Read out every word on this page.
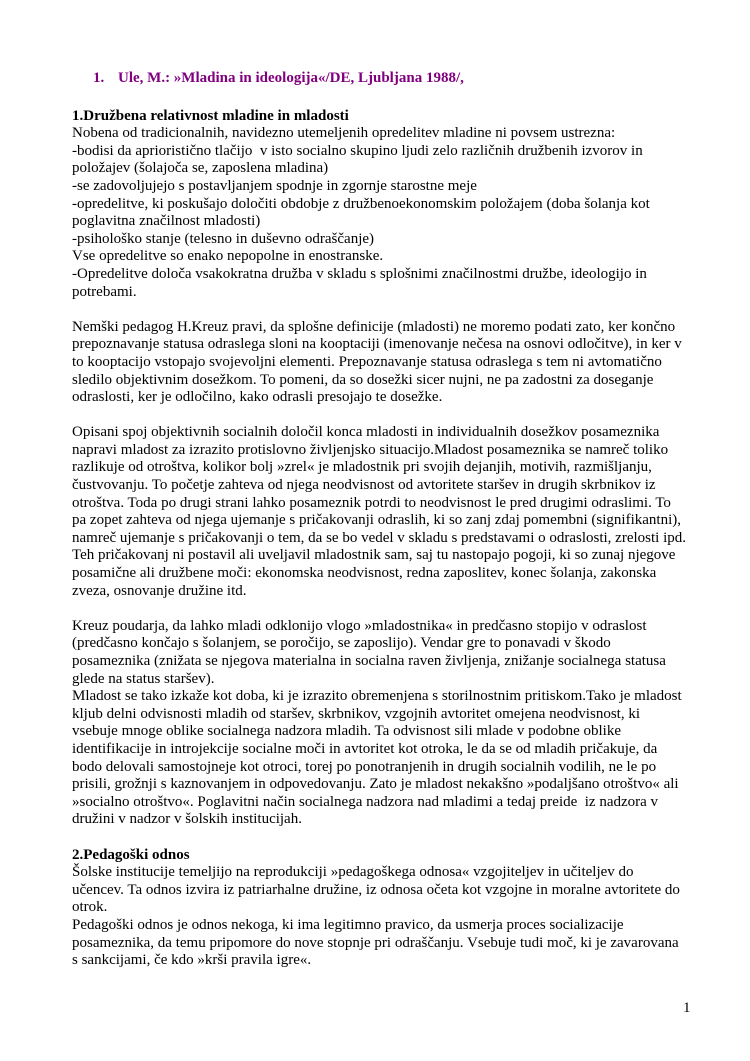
1. Ule, M.: »Mladina in ideologija«/DE, Ljubljana 1988/,
1.Družbena relativnost mladine in mladosti
Nobena od tradicionalnih, navidezno utemeljenih opredelitev mladine ni povsem ustrezna:
-bodisi da apriorističnо tlačijo  v isto socialno skupino ljudi zelo različnih družbenih izvorov in
položajev (šolajoča se, zaposlena mladina)
-se zadovoljujejo s postavljanjem spodnje in zgornje starostne meje
-opredelitve, ki poskušajo določiti obdobje z družbenoekonomskim položajem (doba šolanja kot
poglavitna značilnost mladosti)
-psihološko stanje (telesno in duševno odraščanje)
Vse opredelitve so enako nepopolne in enostranske.
-Opredelitve določa vsakokratna družba v skladu s splošnimi značilnostmi družbe, ideologijo in
potrebami.
Nemški pedagog H.Kreuz pravi, da splošne definicije (mladosti) ne moremo podati zato, ker končno
prepoznavanje statusa odraslega sloni na kooptaciji (imenovanje nečesa na osnovi odločitve), in ker v
to kooptacijo vstopajo svojevoljni elementi. Prepoznavanje statusa odraslega s tem ni avtomatično
sledilo objektivnim dosežkom. To pomeni, da so dosežki sicer nujni, ne pa zadostni za doseganje
odraslosti, ker je odločilno, kako odrasli presojajo te dosežke.
Opisani spoj objektivnih socialnih določil konca mladosti in individualnih dosežkov posameznika
napravi mladost za izrazito protislovno življenjsko situacijo.Mladost posameznika se namreč toliko
razlikuje od otroštva, kolikor bolj »zrel« je mladostnik pri svojih dejanjih, motivih, razmišljanju,
čustvovanju. To početje zahteva od njega neodvisnost od avtoritete staršev in drugih skrbnikov iz
otroštva. Toda po drugi strani lahko posameznik potrdi to neodvisnost le pred drugimi odraslimi. To
pa zopet zahteva od njega ujemanje s pričakovanji odraslih, ki so zanj zdaj pomembni (signifikantni),
namreč ujemanje s pričakovanji o tem, da se bo vedel v skladu s predstavami o odraslosti, zrelosti ipd.
Teh pričakovanj ni postavil ali uveljavil mladostnik sam, saj tu nastopajo pogoji, ki so zunaj njegove
posamične ali družbene moči: ekonomska neodvisnost, redna zaposlitev, konec šolanja, zakonska
zveza, osnovanje družine itd.
Kreuz poudarja, da lahko mladi odklonijo vlogo »mladostnika« in predčasno stopijo v odraslost
(predčasno končajo s šolanjem, se poročijo, se zaposlijo). Vendar gre to ponavadi v škodo
posameznika (znižata se njegova materialna in socialna raven življenja, znižanje socialnega statusa
glede na status staršev).
Mladost se tako izkaže kot doba, ki je izrazito obremenjena s storilnostnim pritiskom.Tako je mladost
kljub delni odvisnosti mladih od staršev, skrbnikov, vzgojnih avtoritet omejena neodvisnost, ki
vsebuje mnoge oblike socialnega nadzora mladih. Ta odvisnost sili mlade v podobne oblike
identifikacije in introjekcije socialne moči in avtoritet kot otroka, le da se od mladih pričakuje, da
bodo delovali samostojneje kot otroci, torej po ponotranjenih in drugih socialnih vodilih, ne le po
prisili, grožnji s kaznovanjem in odpovedovanju. Zato je mladost nekakšno »podaljšano otroštvo« ali
»socialno otroštvo«. Poglavitni način socialnega nadzora nad mladimi a tedaj preide  iz nadzora v
družini v nadzor v šolskih institucijah.
2.Pedagoški odnos
Šolske institucije temeljijo na reprodukciji »pedagoškega odnosa« vzgojiteljev in učiteljev do
učencev. Ta odnos izvira iz patriarhalne družine, iz odnosa očeta kot vzgojne in moralne avtoritete do
otrok.
Pedagoški odnos je odnos nekoga, ki ima legitimno pravico, da usmerja proces socializacije
posameznika, da temu pripomore do nove stopnje pri odraščanju. Vsebuje tudi moč, ki je zavarovana
s sankcijami, če kdo »krši pravila igre«.
1
